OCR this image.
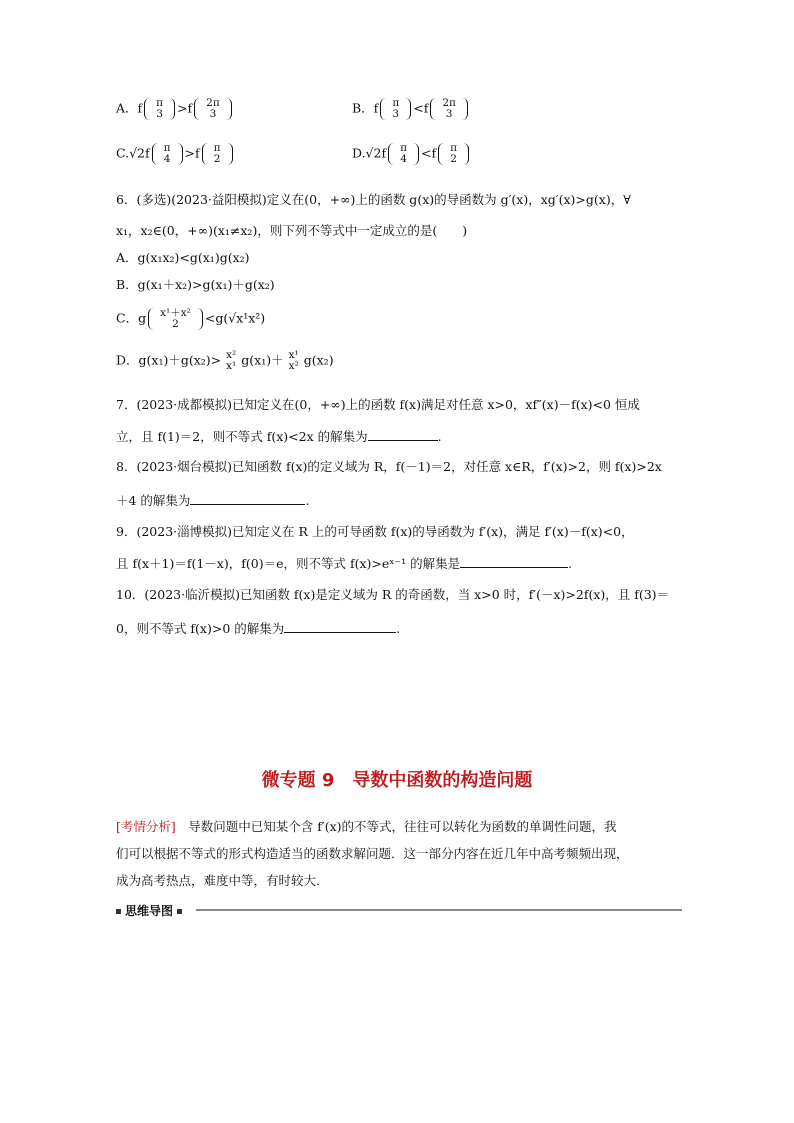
A．f π
3 >f 2π
3	B．f π
3 <f 2π
3
C.√2f π
4 >f π
2	D.√2f π
4 <f π
2
6．(多选)(2023·益阳模拟)定义在(0，+∞)上的函数 g(x)的导函数为 g′(x)，xg′(x)>g(x)，∀
x₁，x₂∈(0，+∞)(x₁≠x₂)，则下列不等式中一定成立的是(　　)
A．g(x₁x₂)<g(x₁)g(x₂)
B．g(x₁＋x₂)>g(x₁)＋g(x₂)
C．g x¹＋x²
2	<g(√x¹x²)
D．g(x₁)＋g(x₂)> x²
x¹ g(x₁)＋ x¹
x² g(x₂)
7．(2023·成都模拟)已知定义在(0，+∞)上的函数 f(x)满足对任意 x>0，xf″(x)－f(x)<0 恒成
立，且 f(1)＝2，则不等式 f(x)<2x 的解集为	.
8．(2023·烟台模拟)已知函数 f(x)的定义域为 R，f(－1)＝2，对任意 x∈R，f′(x)>2，则 f(x)>2x
＋4 的解集为	.
9．(2023·淄博模拟)已知定义在 R 上的可导函数 f(x)的导函数为 f′(x)，满足 f′(x)－f(x)<0，
且 f(x＋1)＝f(1－x)，f(0)＝e，则不等式 f(x)>eˣ⁻¹ 的解集是	.
10．(2023·临沂模拟)已知函数 f(x)是定义域为 R 的奇函数，当 x>0 时，f′(－x)>2f(x)，且 f(3)＝
0，则不等式 f(x)>0 的解集为	.
微专题 9　导数中函数的构造问题
[考情分析]　导数问题中已知某个含 f′(x)的不等式，往往可以转化为函数的单调性问题，我
们可以根据不等式的形式构造适当的函数求解问题．这一部分内容在近几年中高考频频出现，
成为高考热点，难度中等，有时较大．
思维导图
